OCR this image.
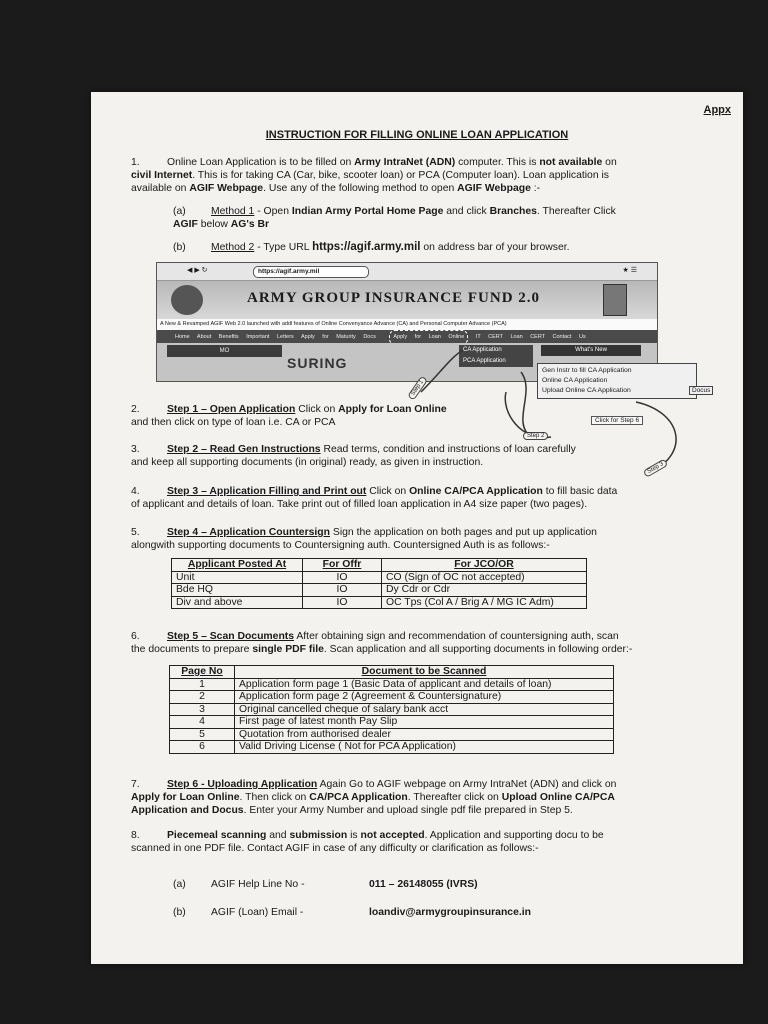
Appx
INSTRUCTION FOR FILLING ONLINE LOAN APPLICATION
1.	Online Loan Application is to be filled on Army IntraNet (ADN) computer. This is not available on
civil Internet. This is for taking CA (Car, bike, scooter loan) or PCA (Computer loan). Loan application is
available on AGIF Webpage. Use any of the following method to open AGIF Webpage :-
(a) Method 1 - Open Indian Army Portal Home Page and click Branches. Thereafter Click
AGIF below AG's Br
(b) Method 2 - Type URL https://agif.army.mil on address bar of your browser.
◀ ▶ ↻	https://agif.army.mil	★ ☰
ARMY GROUP INSURANCE FUND 2.0
A New & Revamped AGIF Web 2.0 launched with addl features of Online Convenyance Advance (CA) and Personal Computer Advance (PCA)
Home About Benefits Important Letters Apply for Maturity Docs	Apply for Loan Online IT CERT Loan CERT Contact Us
MO
SURING
CA Application
PCA Application
What's New
Gen Instr to fill CA Application
Online CA Application
Upload Online CA Application	Docus
Click for Step 6
Step 1
Step 2
Step 3
2.	Step 1 – Open Application Click on Apply for Loan Online
and then click on type of loan i.e. CA or PCA
3.	Step 2 – Read Gen Instructions Read terms, condition and instructions of loan carefully
and keep all supporting documents (in original) ready, as given in instruction.
4.	Step 3 – Application Filling and Print out Click on Online CA/PCA Application to fill basic data
of applicant and details of loan. Take print out of filled loan application in A4 size paper (two pages).
5.	Step 4 – Application Countersign Sign the application on both pages and put up application
alongwith supporting documents to Countersigning auth. Countersigned Auth is as follows:-
Applicant Posted At	For Offr	For JCO/OR
Unit	IO	CO (Sign of OC not accepted)
Bde HQ	IO	Dy Cdr or Cdr
Div and above	IO	OC Tps (Col A / Brig A / MG IC Adm)
6.	Step 5 – Scan Documents After obtaining sign and recommendation of countersigning auth, scan
the documents to prepare single PDF file. Scan application and all supporting documents in following order:-
Page No	Document to be Scanned
1	Application form page 1 (Basic Data of applicant and details of loan)
2	Application form page 2 (Agreement & Countersignature)
3	Original cancelled cheque of salary bank acct
4	First page of latest month Pay Slip
5	Quotation from authorised dealer
6	Valid Driving License ( Not for PCA Application)
7.	Step 6 - Uploading Application Again Go to AGIF webpage on Army IntraNet (ADN) and click on
Apply for Loan Online. Then click on CA/PCA Application. Thereafter click on Upload Online CA/PCA
Application and Docus. Enter your Army Number and upload single pdf file prepared in Step 5.
8.	Piecemeal scanning and submission is not accepted. Application and supporting docu to be
scanned in one PDF file. Contact AGIF in case of any difficulty or clarification as follows:-
(a) AGIF Help Line No -	011 – 26148055 (IVRS)
(b) AGIF (Loan) Email -	loandiv@armygroupinsurance.in
